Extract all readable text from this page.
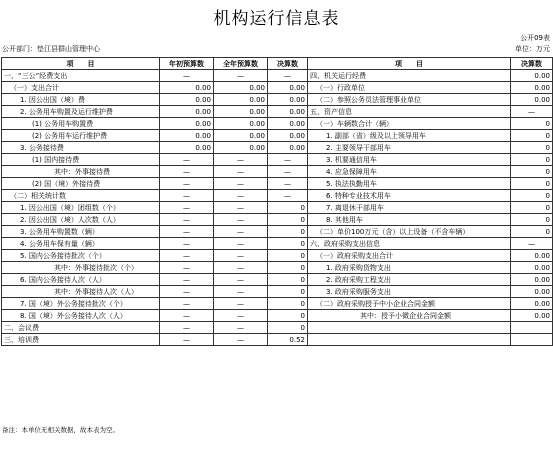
机构运行信息表
公开09表
公开部门：垫江县群山管理中心	单位：万元
项　　目	年初预算数	全年预算数	决算数	项　　目	决算数
一、“三公”经费支出	—	—	—	四、机关运行经费	0.00
（一）支出合计	0.00	0.00	0.00	（一）行政单位	0.00
1. 因公出国（境）费	0.00	0.00	0.00	（二）参照公务员法管理事业单位	0.00
2. 公务用车购置及运行维护费	0.00	0.00	0.00	五、资产信息	—
(1) 公务用车购置费	0.00	0.00	0.00	（一）车辆数合计（辆）	0
(2) 公务用车运行维护费	0.00	0.00	0.00	1. 副部（省）级及以上领导用车	0
3. 公务接待费	0.00	0.00	0.00	2. 主要领导干部用车	0
(1) 国内接待费	—	—	—	3. 机要通信用车	0
其中：外事接待费	—	—	—	4. 应急保障用车	0
(2) 国（境）外接待费	—	—	—	5. 执法执勤用车	0
（二）相关统计数	—	—	—	6. 特种专业技术用车	0
1. 因公出国（境）团组数（个）	—	—	0	7. 离退休干部用车	0
2. 因公出国（境）人次数（人）	—	—	0	8. 其他用车	0
3. 公务用车购置数（辆）	—	—	0	（二）单价100万元（含）以上设备（不含车辆）	0
4. 公务用车保有量（辆）	—	—	0	六、政府采购支出信息	—
5. 国内公务接待批次（个）	—	—	0	（一）政府采购支出合计	0.00
其中：外事接待批次（个）	—	—	0	1. 政府采购货物支出	0.00
6. 国内公务接待人次（人）	—	—	0	2. 政府采购工程支出	0.00
其中：外事接待人次（人）	—	—	0	3. 政府采购服务支出	0.00
7. 国（境）外公务接待批次（个）	—	—	0	（二）政府采购授予中小企业合同金额	0.00
8. 国（境）外公务接待人次（人）	—	—	0	其中：授予小微企业合同金额	0.00
二、会议费	—	—	0		
三、培训费	—	—	0.52		
备注：本单位无相关数据，故本表为空。
